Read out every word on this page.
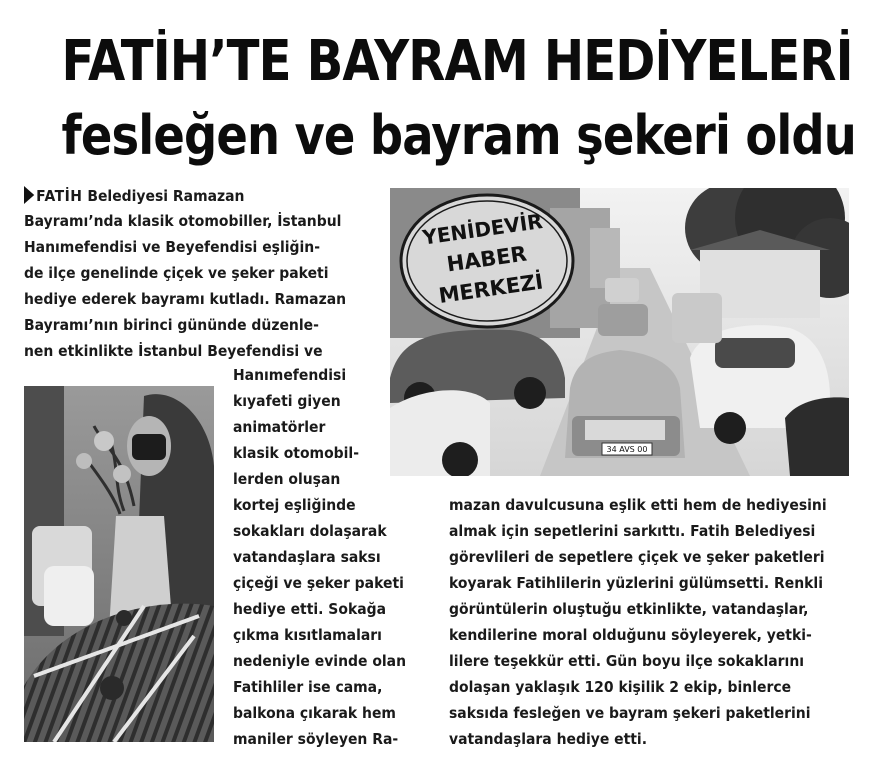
FATİH’TE BAYRAM HEDİYELERİ
fesleğen ve bayram şekeri oldu
FATİH Belediyesi Ramazan
Bayramı’nda klasik otomobiller, İstanbul
Hanımefendisi ve Beyefendisi eşliğin-
de ilçe genelinde çiçek ve şeker paketi
hediye ederek bayramı kutladı. Ramazan
Bayramı’nın birinci gününde düzenle-
nen etkinlikte İstanbul Beyefendisi ve
Hanımefendisi
kıyafeti giyen
animatörler
klasik otomobil-
lerden oluşan
kortej eşliğinde
sokakları dolaşarak
vatandaşlara saksı
çiçeği ve şeker paketi
hediye etti. Sokağa
çıkma kısıtlamaları
nedeniyle evinde olan
Fatihliler ise cama,
balkona çıkarak hem
maniler söyleyen Ra-
mazan davulcusuna eşlik etti hem de hediyesini
almak için sepetlerini sarkıttı. Fatih Belediyesi
görevlileri de sepetlere çiçek ve şeker paketleri
koyarak Fatihlilerin yüzlerini gülümsetti. Renkli
görüntülerin oluştuğu etkinlikte, vatandaşlar,
kendilerine moral olduğunu söyleyerek, yetki-
lilere teşekkür etti. Gün boyu ilçe sokaklarını
dolaşan yaklaşık 120 kişilik 2 ekip, binlerce
saksıda fesleğen ve bayram şekeri paketlerini
vatandaşlara hediye etti.
34 AVS 00
YENİDEVİR
HABER
MERKEZİ
